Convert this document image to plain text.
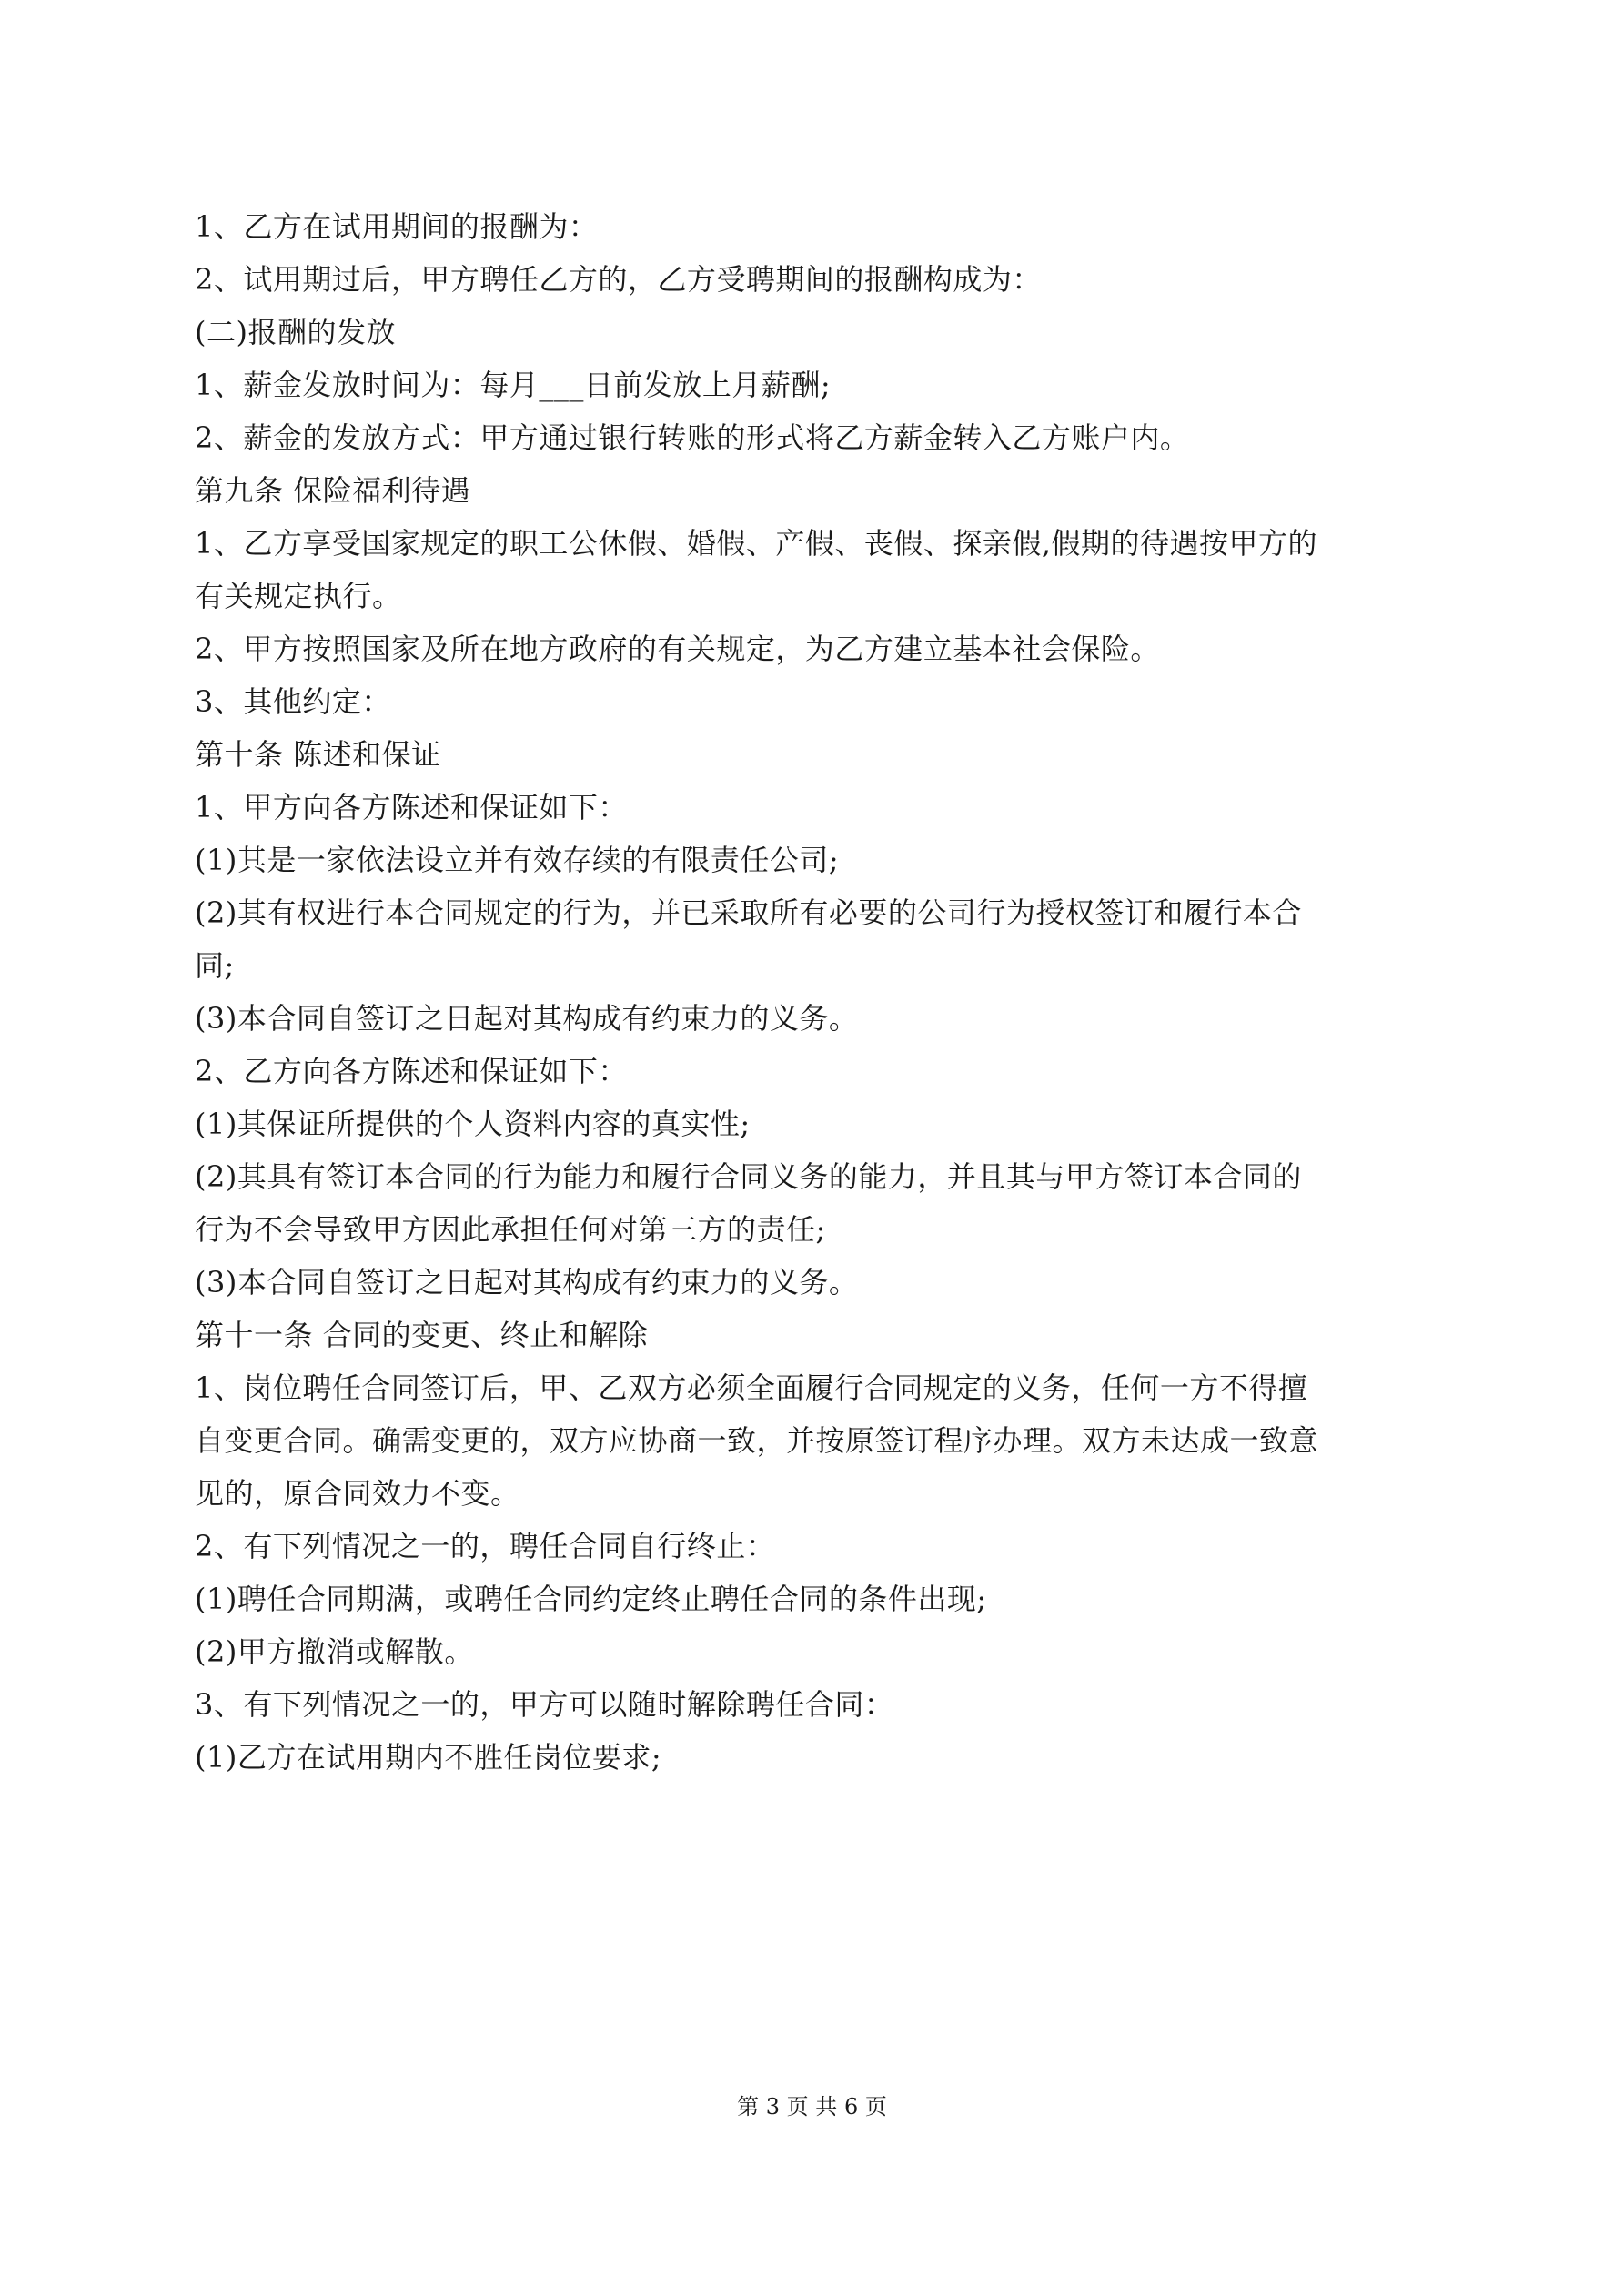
1、乙方在试用期间的报酬为：

2、试用期过后，甲方聘任乙方的，乙方受聘期间的报酬构成为：

(二)报酬的发放

1、薪金发放时间为：每月___日前发放上月薪酬;

2、薪金的发放方式：甲方通过银行转账的形式将乙方薪金转入乙方账户内。

第九条 保险福利待遇

1、乙方享受国家规定的职工公休假、婚假、产假、丧假、探亲假,假期的待遇按甲方的

有关规定执行。

2、甲方按照国家及所在地方政府的有关规定，为乙方建立基本社会保险。

3、其他约定：

第十条 陈述和保证

1、甲方向各方陈述和保证如下：

(1)其是一家依法设立并有效存续的有限责任公司;

(2)其有权进行本合同规定的行为，并已采取所有必要的公司行为授权签订和履行本合

同;

(3)本合同自签订之日起对其构成有约束力的义务。

2、乙方向各方陈述和保证如下：

(1)其保证所提供的个人资料内容的真实性;

(2)其具有签订本合同的行为能力和履行合同义务的能力，并且其与甲方签订本合同的

行为不会导致甲方因此承担任何对第三方的责任;

(3)本合同自签订之日起对其构成有约束力的义务。

第十一条 合同的变更、终止和解除

1、岗位聘任合同签订后，甲、乙双方必须全面履行合同规定的义务，任何一方不得擅

自变更合同。确需变更的，双方应协商一致，并按原签订程序办理。双方未达成一致意

见的，原合同效力不变。

2、有下列情况之一的，聘任合同自行终止：

(1)聘任合同期满，或聘任合同约定终止聘任合同的条件出现;

(2)甲方撤消或解散。

3、有下列情况之一的，甲方可以随时解除聘任合同：

(1)乙方在试用期内不胜任岗位要求;

第 3 页 共 6 页
